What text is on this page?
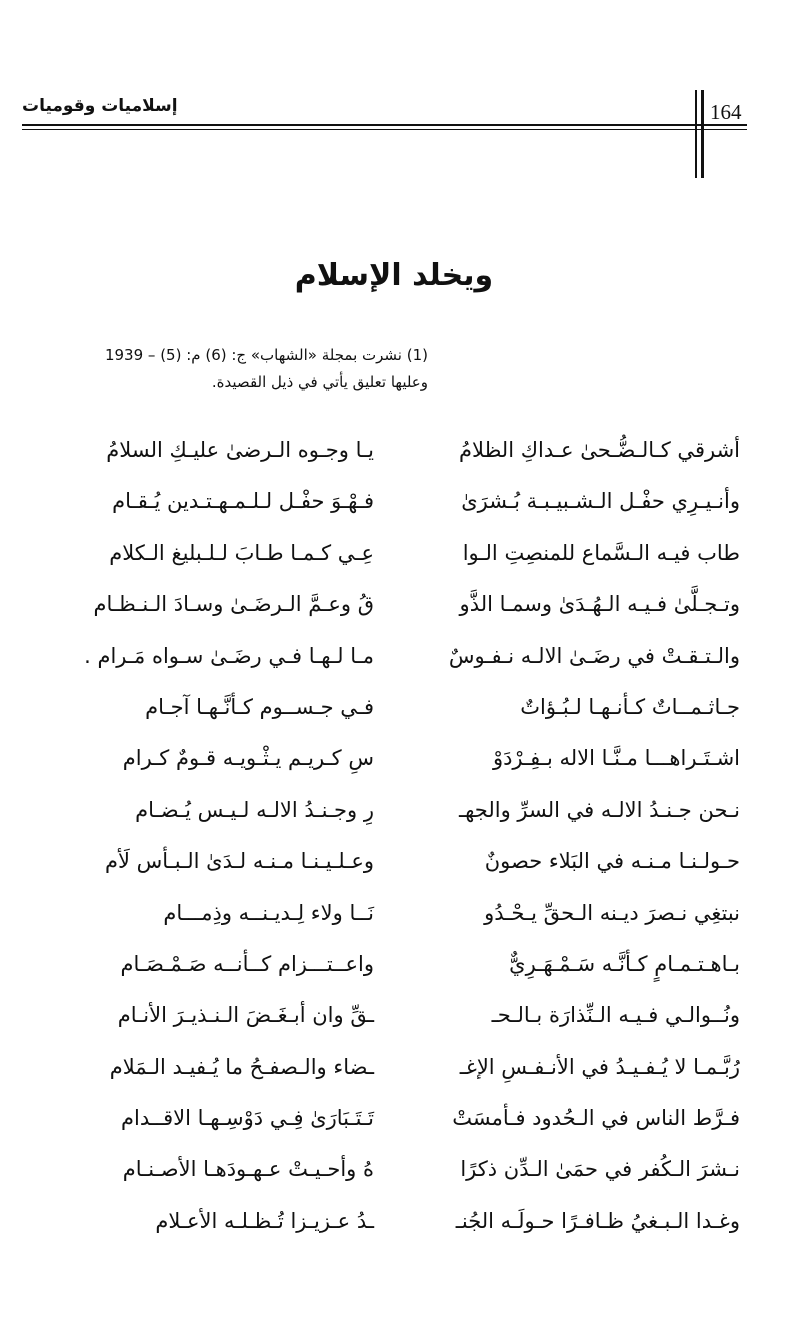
إسلاميات وقوميات	164
ويخلد الإسلام
(1) نشرت بمجلة «الشهاب» ج: (6) م: (5) – 1939
وعليها تعليق يأتي في ذيل القصيدة.
أشرقي كـالـضُّـحىٰ عـداكِ الظلامُ
يـا وجـوه الـرضىٰ عليـكِ السلامُ
وأنـيـرِي حفْـل الـشـبيـبـة بُـشرَىٰ
فـهْـوَ حفْـل لـلـمـهـتـدين يُـقـام
طاب فيـه الـسَّماع للمنصِتِ الـوا
عِـي كـمـا طـابَ لـلـبليغ الـكلام
وتـجـلَّىٰ فـيـه الـهُـدَىٰ وسمـا الذَّو
قُ وعـمَّ الـرضَـىٰ وسـادَ الـنـظـام
والـتـقـتْ في رضَـىٰ الالـه نـفـوسٌ
مـا لـهـا فـي رضَـىٰ سـواه مَـرام .
جـاثـمــاتٌ كـأنـهـا لـبُـؤاتٌ
فـي جـســوم كـأنَّـهـا آجـام
اشـتَـراهـــا مـنَّـا الاله بـفِـرْدَوْ
سِ كـريـم يـثْـويـه قـومٌ كـرام
نـحن جـنـدُ الالـه في السرِّ والجهـ
رِ وجـنـدُ الالـه لـيـس يُـضـام
حـولـنـا مـنـه في البَلاء حصونٌ
وعـلـيـنـا مـنـه لـدَىٰ الـبـأس لَأم
نبتغِي نـصرَ ديـنه الـحقِّ يـحْـدُو
نَــا ولاء لِـديـنــه وذِمـــام
بـاهـتـمـامٍ كـأنَّـه سَـمْـهَـرِيٌّ
واعــتـــزام كــأنــه صَـمْـصَـام
ونُــوالـي فـيـه الـنِّذارَة بـالـحـ
ـقِّ وان أبـغَـضَ الـنـذيـرَ الأنـام
رُبَّـمـا لا يُـفـيـدُ في الأنـفـسِ الإغـ
ـضاء والـصفـحُ ما يُـفيـد الـمَلام
فـرَّط الناس في الـحُدود فـأمسَتْ
تَـتَـبَارَىٰ فِـي دَوْسِـهـا الاقــدام
نـشرَ الـكُفر في حمَىٰ الـدِّن ذكرًا
هُ وأحـيـتْ عـهـودَهـا الأصـنـام
وغـدا الـبـغيُ ظـافـرًا حـولَـه الجُنـ
ـدُ عـزيـزا تُـظـلـه الأعـلام
